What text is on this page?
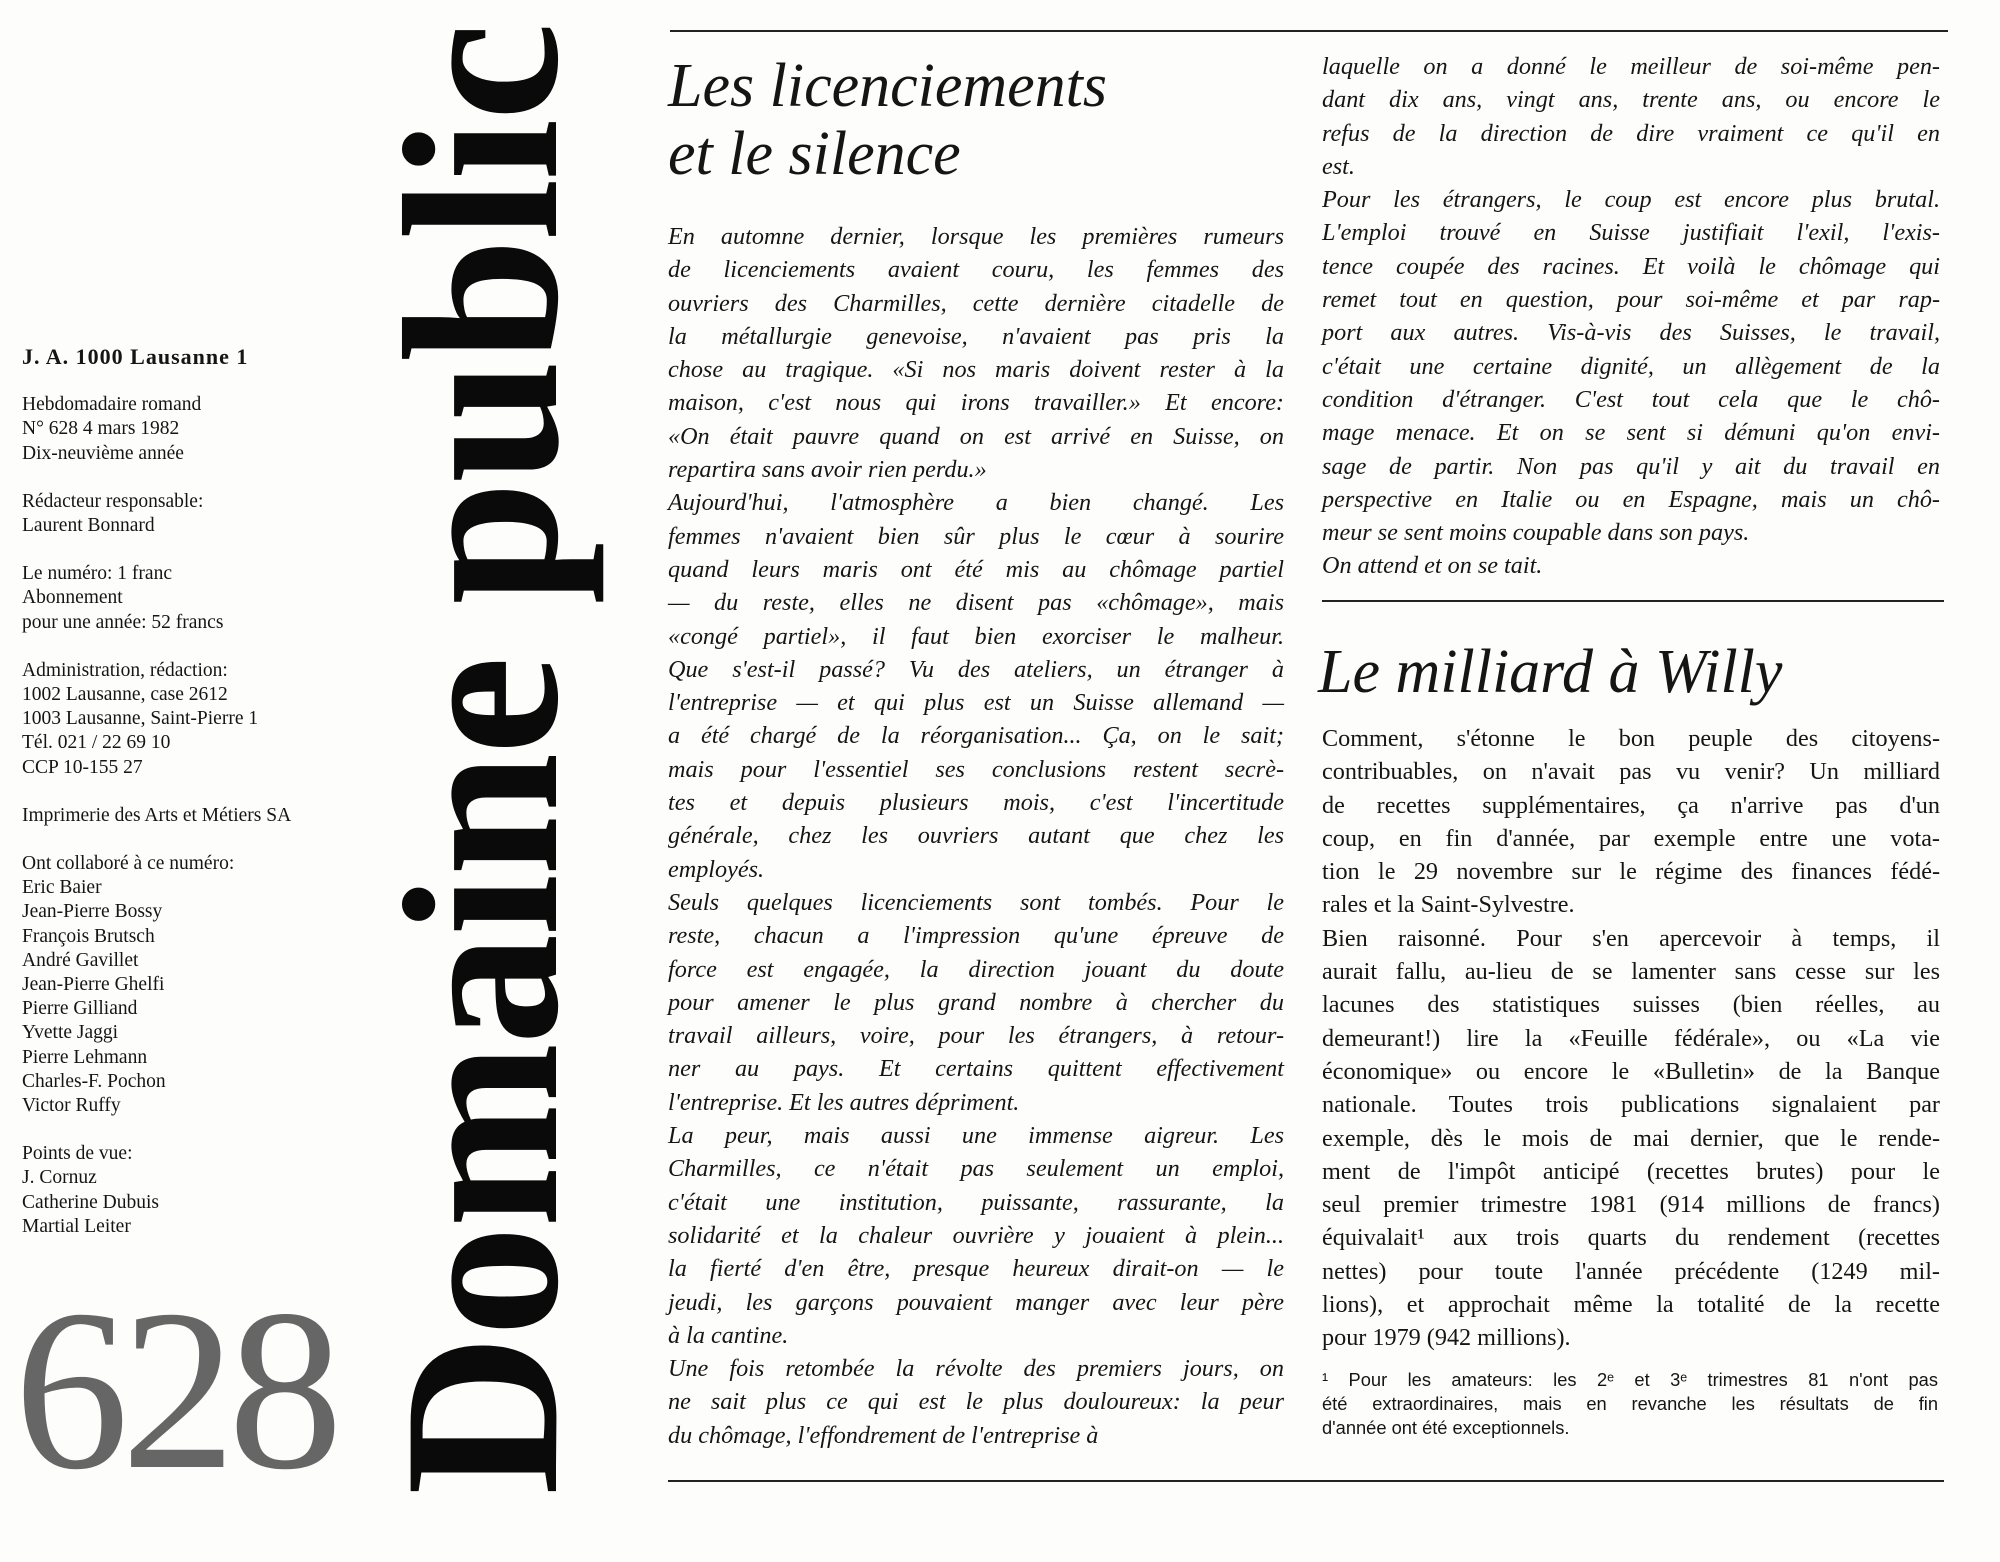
J. A. 1000 Lausanne 1

Hebdomadaire romand
N° 628 4 mars 1982
Dix-neuvième année

Rédacteur responsable:
Laurent Bonnard

Le numéro: 1 franc
Abonnement
pour une année: 52 francs

Administration, rédaction:
1002 Lausanne, case 2612
1003 Lausanne, Saint-Pierre 1
Tél. 021 / 22 69 10
CCP 10-155 27

Imprimerie des Arts et Métiers SA

Ont collaboré à ce numéro:
Eric Baier
Jean-Pierre Bossy
François Brutsch
André Gavillet
Jean-Pierre Ghelfi
Pierre Gilliand
Yvette Jaggi
Pierre Lehmann
Charles-F. Pochon
Victor Ruffy

Points de vue:
J. Cornuz
Catherine Dubuis
Martial Leiter

628 Domaine public Les licenciements
et le silence
En automne dernier, lorsque les premières rumeurs
de licenciements avaient couru, les femmes des
ouvriers des Charmilles, cette dernière citadelle de
la métallurgie genevoise, n'avaient pas pris la
chose au tragique. «Si nos maris doivent rester à la
maison, c'est nous qui irons travailler.» Et encore:
«On était pauvre quand on est arrivé en Suisse, on
repartira sans avoir rien perdu.»
Aujourd'hui, l'atmosphère a bien changé. Les
femmes n'avaient bien sûr plus le cœur à sourire
quand leurs maris ont été mis au chômage partiel
— du reste, elles ne disent pas «chômage», mais
«congé partiel», il faut bien exorciser le malheur.
Que s'est-il passé? Vu des ateliers, un étranger à
l'entreprise — et qui plus est un Suisse allemand —
a été chargé de la réorganisation... Ça, on le sait;
mais pour l'essentiel ses conclusions restent secrè-
tes et depuis plusieurs mois, c'est l'incertitude
générale, chez les ouvriers autant que chez les
employés.
Seuls quelques licenciements sont tombés. Pour le
reste, chacun a l'impression qu'une épreuve de
force est engagée, la direction jouant du doute
pour amener le plus grand nombre à chercher du
travail ailleurs, voire, pour les étrangers, à retour-
ner au pays. Et certains quittent effectivement
l'entreprise. Et les autres dépriment.
La peur, mais aussi une immense aigreur. Les
Charmilles, ce n'était pas seulement un emploi,
c'était une institution, puissante, rassurante, la
solidarité et la chaleur ouvrière y jouaient à plein...
la fierté d'en être, presque heureux dirait-on — le
jeudi, les garçons pouvaient manger avec leur père
à la cantine.
Une fois retombée la révolte des premiers jours, on
ne sait plus ce qui est le plus douloureux: la peur
du chômage, l'effondrement de l'entreprise à
laquelle on a donné le meilleur de soi-même pen-
dant dix ans, vingt ans, trente ans, ou encore le
refus de la direction de dire vraiment ce qu'il en
est.
Pour les étrangers, le coup est encore plus brutal.
L'emploi trouvé en Suisse justifiait l'exil, l'exis-
tence coupée des racines. Et voilà le chômage qui
remet tout en question, pour soi-même et par rap-
port aux autres. Vis-à-vis des Suisses, le travail,
c'était une certaine dignité, un allègement de la
condition d'étranger. C'est tout cela que le chô-
mage menace. Et on se sent si démuni qu'on envi-
sage de partir. Non pas qu'il y ait du travail en
perspective en Italie ou en Espagne, mais un chô-
meur se sent moins coupable dans son pays.
On attend et on se tait.
Le milliard à Willy
Comment, s'étonne le bon peuple des citoyens-
contribuables, on n'avait pas vu venir? Un milliard
de recettes supplémentaires, ça n'arrive pas d'un
coup, en fin d'année, par exemple entre une vota-
tion le 29 novembre sur le régime des finances fédé-
rales et la Saint-Sylvestre.
Bien raisonné. Pour s'en apercevoir à temps, il
aurait fallu, au-lieu de se lamenter sans cesse sur les
lacunes des statistiques suisses (bien réelles, au
demeurant!) lire la «Feuille fédérale», ou «La vie
économique» ou encore le «Bulletin» de la Banque
nationale. Toutes trois publications signalaient par
exemple, dès le mois de mai dernier, que le rende-
ment de l'impôt anticipé (recettes brutes) pour le
seul premier trimestre 1981 (914 millions de francs)
équivalait¹ aux trois quarts du rendement (recettes
nettes) pour toute l'année précédente (1249 mil-
lions), et approchait même la totalité de la recette
pour 1979 (942 millions).
¹ Pour les amateurs: les 2ᵉ et 3ᵉ trimestres 81 n'ont pas
été extraordinaires, mais en revanche les résultats de fin
d'année ont été exceptionnels.
